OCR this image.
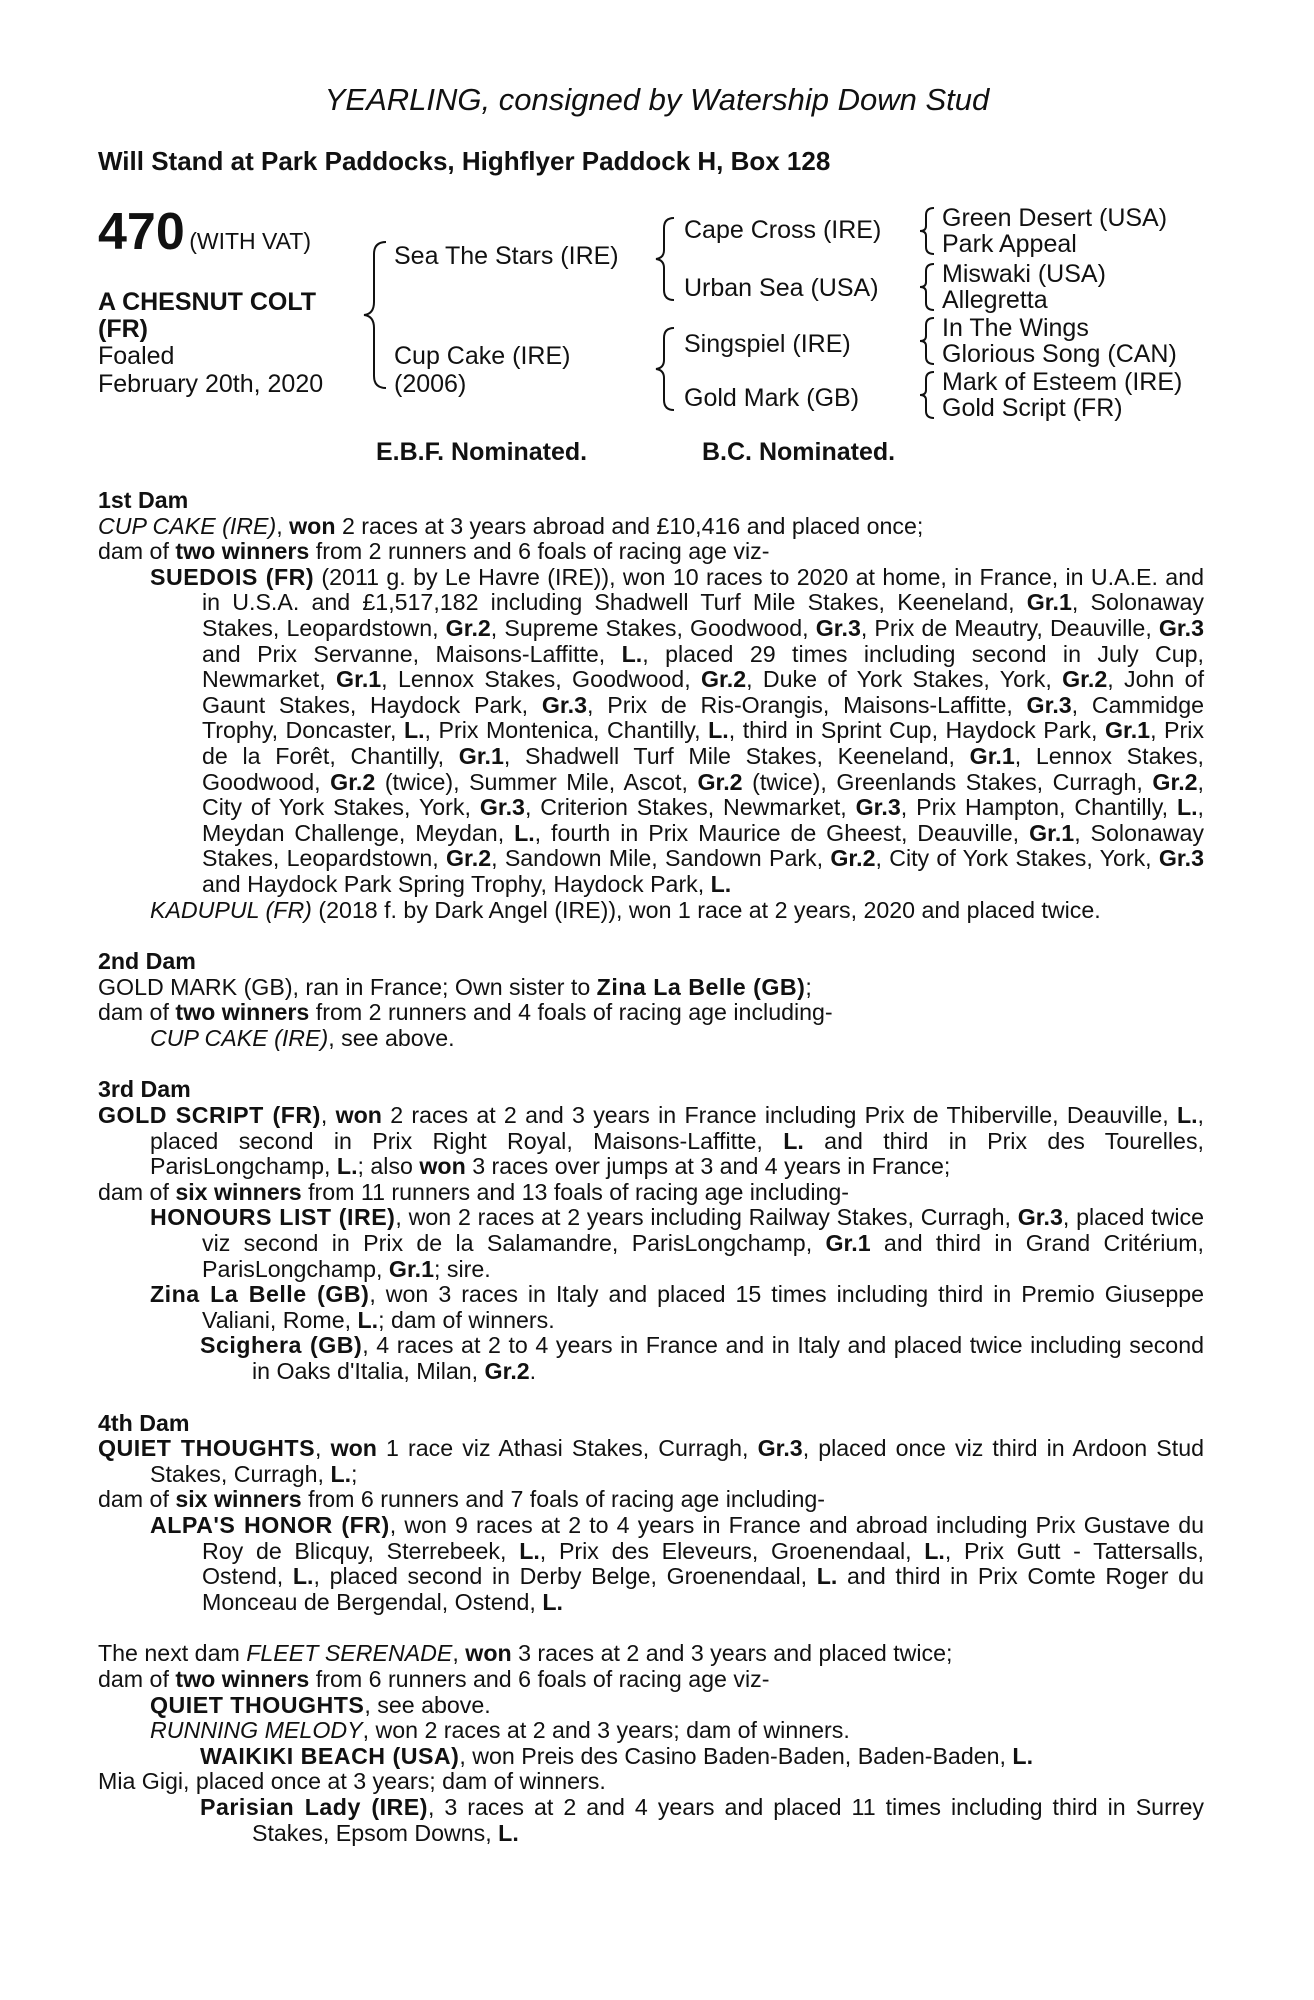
YEARLING, consigned by Watership Down Stud
Will Stand at Park Paddocks, Highflyer Paddock H, Box 128
470 (WITH VAT)
A CHESNUT COLT
(FR)
Foaled
February 20th, 2020
Sea The Stars (IRE)
Cup Cake (IRE)
(2006)
Cape Cross (IRE)
Urban Sea (USA)
Singspiel (IRE)
Gold Mark (GB)
Green Desert (USA)
Park Appeal
Miswaki (USA)
Allegretta
In The Wings
Glorious Song (CAN)
Mark of Esteem (IRE)
Gold Script (FR)
E.B.F. Nominated.	B.C. Nominated.

1st Dam

CUP CAKE (IRE), won 2 races at 3 years abroad and £10,416 and placed once;

dam of two winners from 2 runners and 6 foals of racing age viz-

SUEDOIS (FR) (2011 g. by Le Havre (IRE)), won 10 races to 2020 at home, in France, in U.A.E. and in U.S.A. and £1,517,182 including Shadwell Turf Mile Stakes, Keeneland, Gr.1, Solonaway Stakes, Leopardstown, Gr.2, Supreme Stakes, Goodwood, Gr.3, Prix de Meautry, Deauville, Gr.3 and Prix Servanne, Maisons-Laffitte, L., placed 29 times including second in July Cup, Newmarket, Gr.1, Lennox Stakes, Goodwood, Gr.2, Duke of York Stakes, York, Gr.2, John of Gaunt Stakes, Haydock Park, Gr.3, Prix de Ris-Orangis, Maisons-Laffitte, Gr.3, Cammidge Trophy, Doncaster, L., Prix Montenica, Chantilly, L., third in Sprint Cup, Haydock Park, Gr.1, Prix de la Forêt, Chantilly, Gr.1, Shadwell Turf Mile Stakes, Keeneland, Gr.1, Lennox Stakes, Goodwood, Gr.2 (twice), Summer Mile, Ascot, Gr.2 (twice), Greenlands Stakes, Curragh, Gr.2, City of York Stakes, York, Gr.3, Criterion Stakes, Newmarket, Gr.3, Prix Hampton, Chantilly, L., Meydan Challenge, Meydan, L., fourth in Prix Maurice de Gheest, Deauville, Gr.1, Solonaway Stakes, Leopardstown, Gr.2, Sandown Mile, Sandown Park, Gr.2, City of York Stakes, York, Gr.3 and Haydock Park Spring Trophy, Haydock Park, L.

KADUPUL (FR) (2018 f. by Dark Angel (IRE)), won 1 race at 2 years, 2020 and placed twice.

2nd Dam

GOLD MARK (GB), ran in France; Own sister to Zina La Belle (GB);

dam of two winners from 2 runners and 4 foals of racing age including-

CUP CAKE (IRE), see above.

3rd Dam

GOLD SCRIPT (FR), won 2 races at 2 and 3 years in France including Prix de Thiberville, Deauville, L., placed second in Prix Right Royal, Maisons-Laffitte, L. and third in Prix des Tourelles, ParisLongchamp, L.; also won 3 races over jumps at 3 and 4 years in France;

dam of six winners from 11 runners and 13 foals of racing age including-

HONOURS LIST (IRE), won 2 races at 2 years including Railway Stakes, Curragh, Gr.3, placed twice viz second in Prix de la Salamandre, ParisLongchamp, Gr.1 and third in Grand Critérium, ParisLongchamp, Gr.1; sire.

Zina La Belle (GB), won 3 races in Italy and placed 15 times including third in Premio Giuseppe Valiani, Rome, L.; dam of winners.

Scighera (GB), 4 races at 2 to 4 years in France and in Italy and placed twice including second in Oaks d'Italia, Milan, Gr.2.

4th Dam

QUIET THOUGHTS, won 1 race viz Athasi Stakes, Curragh, Gr.3, placed once viz third in Ardoon Stud Stakes, Curragh, L.;

dam of six winners from 6 runners and 7 foals of racing age including-

ALPA'S HONOR (FR), won 9 races at 2 to 4 years in France and abroad including Prix Gustave du Roy de Blicquy, Sterrebeek, L., Prix des Eleveurs, Groenendaal, L., Prix Gutt - Tattersalls, Ostend, L., placed second in Derby Belge, Groenendaal, L. and third in Prix Comte Roger du Monceau de Bergendal, Ostend, L.

The next dam FLEET SERENADE, won 3 races at 2 and 3 years and placed twice;

dam of two winners from 6 runners and 6 foals of racing age viz-

QUIET THOUGHTS, see above.

RUNNING MELODY, won 2 races at 2 and 3 years; dam of winners.

WAIKIKI BEACH (USA), won Preis des Casino Baden-Baden, Baden-Baden, L.

Mia Gigi, placed once at 3 years; dam of winners.

Parisian Lady (IRE), 3 races at 2 and 4 years and placed 11 times including third in Surrey Stakes, Epsom Downs, L.
